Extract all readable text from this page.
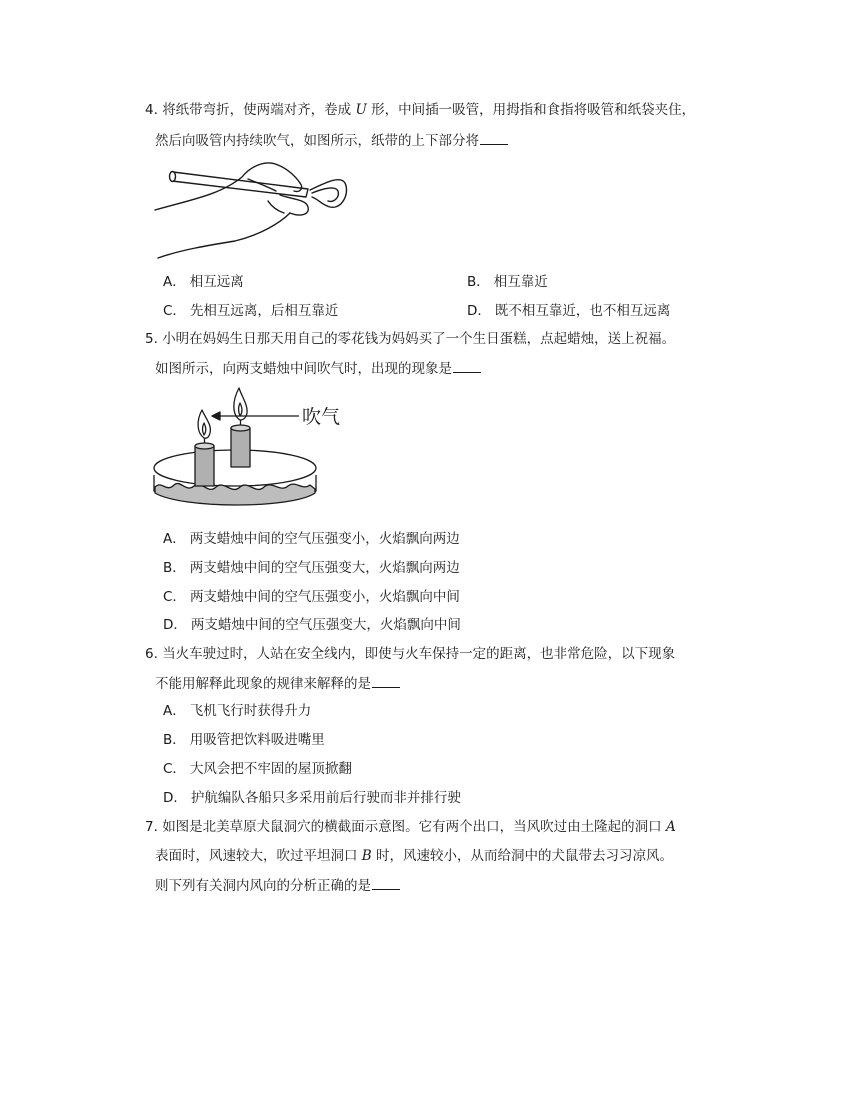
4. 将纸带弯折，使两端对齐，卷成 U 形，中间插一吸管，用拇指和食指将吸管和纸袋夹住，
然后向吸管内持续吹气，如图所示，纸带的上下部分将
A． 相互远离	B． 相互靠近
C． 先相互远离，后相互靠近	D． 既不相互靠近，也不相互远离
5. 小明在妈妈生日那天用自己的零花钱为妈妈买了一个生日蛋糕，点起蜡烛，送上祝福。
如图所示，向两支蜡烛中间吹气时，出现的现象是
吹气
A． 两支蜡烛中间的空气压强变小，火焰飘向两边
B． 两支蜡烛中间的空气压强变大，火焰飘向两边
C． 两支蜡烛中间的空气压强变小，火焰飘向中间
D． 两支蜡烛中间的空气压强变大，火焰飘向中间
6. 当火车驶过时，人站在安全线内，即使与火车保持一定的距离，也非常危险，以下现象
不能用解释此现象的规律来解释的是
A． 飞机飞行时获得升力
B． 用吸管把饮料吸进嘴里
C． 大风会把不牢固的屋顶掀翻
D． 护航编队各船只多采用前后行驶而非并排行驶
7. 如图是北美草原犬鼠洞穴的横截面示意图。它有两个出口，当风吹过由土隆起的洞口 A
表面时，风速较大，吹过平坦洞口 B 时，风速较小，从而给洞中的犬鼠带去习习凉风。
则下列有关洞内风向的分析正确的是
